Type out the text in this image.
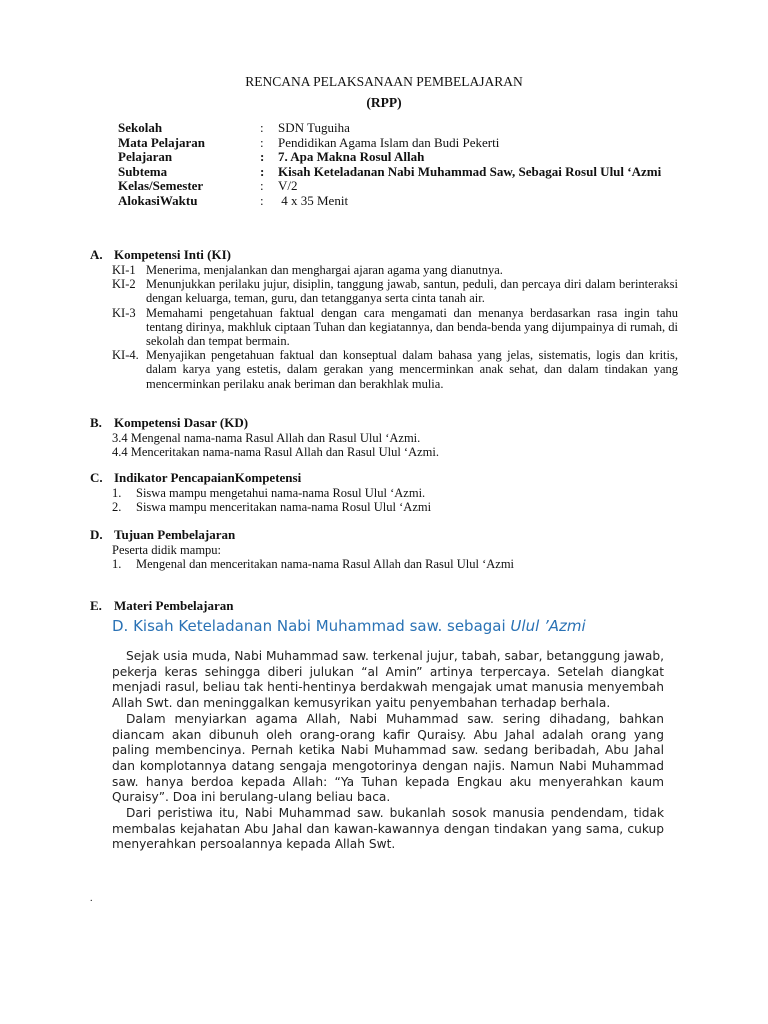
RENCANA PELAKSANAAN PEMBELAJARAN
(RPP)
Sekolah	:	SDN Tuguiha
Mata Pelajaran	:	Pendidikan Agama Islam dan Budi Pekerti
Pelajaran	:	7. Apa Makna Rosul Allah
Subtema	:	Kisah Keteladanan Nabi Muhammad Saw, Sebagai Rosul Ulul ‘Azmi
Kelas/Semester	:	V/2
AlokasiWaktu	:	4 x 35 Menit
A. Kompetensi Inti (KI)
KI-1 Menerima, menjalankan dan menghargai ajaran agama yang dianutnya.
KI-2 Menunjukkan perilaku jujur, disiplin, tanggung jawab, santun, peduli, dan percaya diri dalam berinteraksi dengan keluarga, teman, guru, dan tetangganya serta cinta tanah air.
KI-3 Memahami pengetahuan faktual dengan cara mengamati dan menanya berdasarkan rasa ingin tahu tentang dirinya, makhluk ciptaan Tuhan dan kegiatannya, dan benda-benda yang dijumpainya di rumah, di sekolah dan tempat bermain.
KI-4. Menyajikan pengetahuan faktual dan konseptual dalam bahasa yang jelas, sistematis, logis dan kritis, dalam karya yang estetis, dalam gerakan yang mencerminkan anak sehat, dan dalam tindakan yang mencerminkan perilaku anak beriman dan berakhlak mulia.
B. Kompetensi Dasar (KD)
3.4 Mengenal nama-nama Rasul Allah dan Rasul Ulul ‘Azmi.
4.4 Menceritakan nama-nama Rasul Allah dan Rasul Ulul ‘Azmi.
C. Indikator PencapaianKompetensi
1.	Siswa mampu mengetahui nama-nama Rosul Ulul ‘Azmi.
2.	Siswa mampu menceritakan nama-nama Rosul Ulul ‘Azmi
D. Tujuan Pembelajaran
Peserta didik mampu:
1.	Mengenal dan menceritakan nama-nama Rasul Allah dan Rasul Ulul ‘Azmi
E. Materi Pembelajaran
D. Kisah Keteladanan Nabi Muhammad saw. sebagai Ulul ’Azmi

Sejak usia muda, Nabi Muhammad saw. terkenal jujur, tabah, sabar, betanggung jawab, pekerja keras sehingga diberi julukan “al Amin” artinya terpercaya. Setelah diangkat menjadi rasul, beliau tak henti-hentinya berdakwah mengajak umat manusia menyembah Allah Swt. dan meninggalkan kemusyrikan yaitu penyembahan terhadap berhala.

Dalam menyiarkan agama Allah, Nabi Muhammad saw. sering dihadang, bahkan diancam akan dibunuh oleh orang-orang kafir Quraisy. Abu Jahal adalah orang yang paling membencinya. Pernah ketika Nabi Muhammad saw. sedang beribadah, Abu Jahal dan komplotannya datang sengaja mengotorinya dengan najis. Namun Nabi Muhammad saw. hanya berdoa kepada Allah: “Ya Tuhan kepada Engkau aku menyerahkan kaum Quraisy”. Doa ini berulang-ulang beliau baca.

Dari peristiwa itu, Nabi Muhammad saw. bukanlah sosok manusia pendendam, tidak membalas kejahatan Abu Jahal dan kawan-kawannya dengan tindakan yang sama, cukup menyerahkan persoalannya kepada Allah Swt.

.
